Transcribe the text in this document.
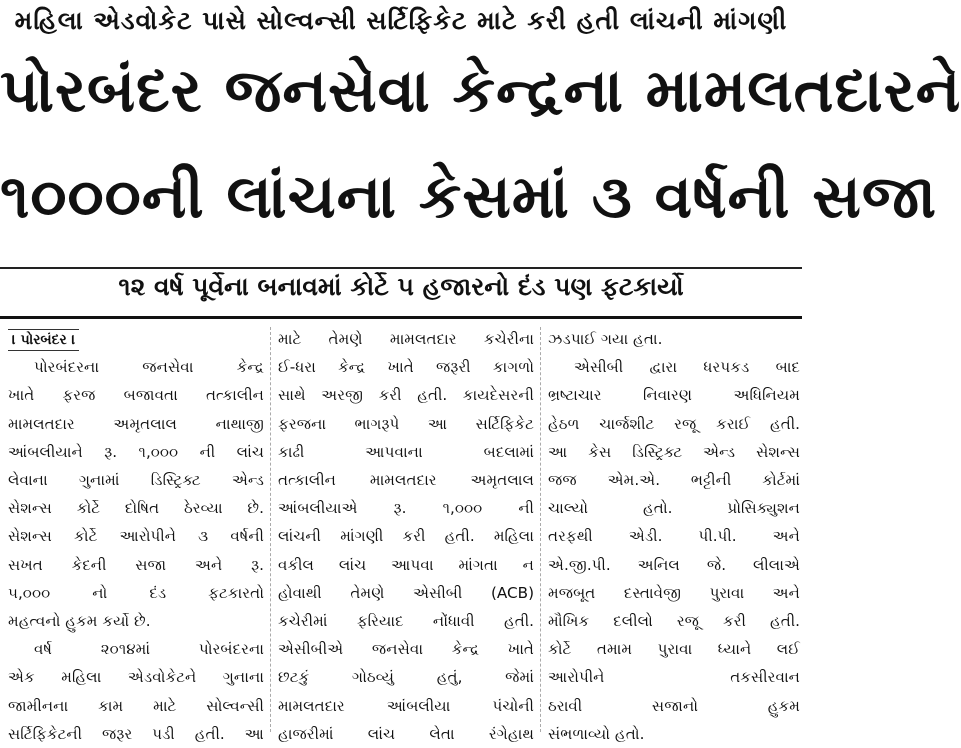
મહિલા એડવોકેટ પાસે સોલ્વન્સી સર્ટિફિકેટ માટે કરી હતી લાંચની માંગણી
પોરબંદર જનસેવા કેન્દ્રના મામલતદારને
૧૦૦૦ની લાંચના કેસમાં ૩ વર્ષની સજા
૧૨ વર્ષ પૂર્વેના બનાવમાં કોર્ટે ૫ હજારનો દંડ પણ ફટકાર્યો

। પોરબંદર ।

પોરબંદરના જનસેવા કેન્દ્ર

ખાતે ફરજ બજાવતા તત્કાલીન

મામલતદાર અમૃતલાલ નાથાજી

આંબલીયાને રૂ. ૧,૦૦૦ ની લાંચ

લેવાના ગુનામાં ડિસ્ટ્રિક્ટ એન્ડ

સેશન્સ કોર્ટે દોષિત ઠેરવ્યા છે.

સેશન્સ કોર્ટે આરોપીને ૩ વર્ષની

સખત કેદની સજા અને રૂ.

૫,૦૦૦ નો દંડ ફટકારતો

મહત્વનો હુકમ કર્યો છે.

વર્ષ ૨૦૧૪માં પોરબંદરના

એક મહિલા એડવોકેટને ગુનાના

જામીનના કામ માટે સોલ્વન્સી

સર્ટિફિકેટની જરૂર પડી હતી. આ

માટે તેમણે મામલતદાર કચેરીના

ઈ-ધરા કેન્દ્ર ખાતે જરૂરી કાગળો

સાથે અરજી કરી હતી. કાયદેસરની

ફરજના ભાગરૂપે આ સર્ટિફિકેટ

કાઢી આપવાના બદલામાં

તત્કાલીન મામલતદાર અમૃતલાલ

આંબલીયાએ રૂ. ૧,૦૦૦ ની

લાંચની માંગણી કરી હતી. મહિલા

વકીલ લાંચ આપવા માંગતા ન

હોવાથી તેમણે એસીબી (ACB)

કચેરીમાં ફરિયાદ નોંધાવી હતી.

એસીબીએ જનસેવા કેન્દ્ર ખાતે

છટકું ગોઠવ્યું હતું, જેમાં

મામલતદાર આંબલીયા પંચોની

હાજરીમાં લાંચ લેતા રંગેહાથ

ઝડપાઈ ગયા હતા.

એસીબી દ્વારા ધરપકડ બાદ

ભ્રષ્ટાચાર નિવારણ અધિનિયમ

હેઠળ ચાર્જશીટ રજૂ કરાઈ હતી.

આ કેસ ડિસ્ટ્રિક્ટ એન્ડ સેશન્સ

જજ એમ.એ. ભટ્ટીની કોર્ટમાં

ચાલ્યો હતો. પ્રોસિક્યુશન

તરફથી એડી. પી.પી. અને

એ.જી.પી. અનિલ જે. લીલાએ

મજબૂત દસ્તાવેજી પુરાવા અને

મૌખિક દલીલો રજૂ કરી હતી.

કોર્ટે તમામ પુરાવા ધ્યાને લઈ

આરોપીને તકસીરવાન

ઠરાવી સજાનો હુકમ

સંભળાવ્યો હતો.
